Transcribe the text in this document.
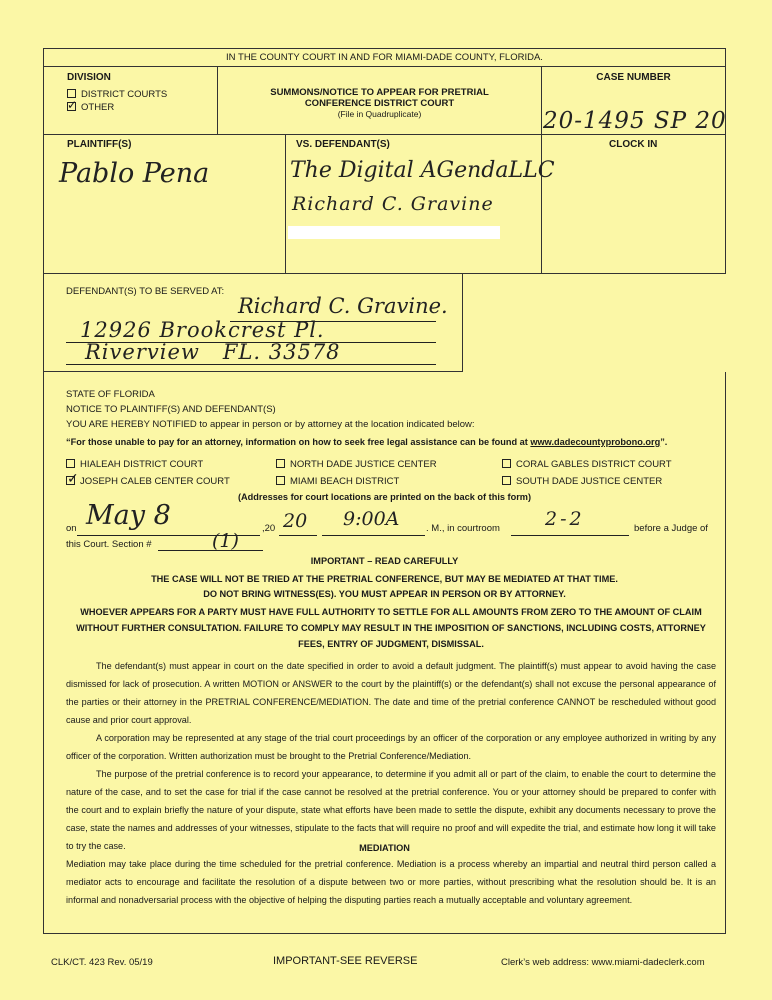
IN THE COUNTY COURT IN AND FOR MIAMI-DADE COUNTY, FLORIDA.
DIVISION
DISTRICT COURTS
✓ OTHER
SUMMONS/NOTICE TO APPEAR FOR PRETRIAL
CONFERENCE DISTRICT COURT
(File in Quadruplicate)
CASE NUMBER
20-1495 SP 20
PLAINTIFF(S)
Pablo Pena
VS. DEFENDANT(S)
The Digital AGendaLLC
Richard C. Gravine
CLOCK IN
DEFENDANT(S) TO BE SERVED AT:
Richard C. Gravine.
12926 Brookcrest Pl.
Riverview   FL. 33578
STATE OF FLORIDA
NOTICE TO PLAINTIFF(S) AND DEFENDANT(S)
YOU ARE HEREBY NOTIFIED to appear in person or by attorney at the location indicated below:
“For those unable to pay for an attorney, information on how to seek free legal assistance can be found at www.dadecountyprobono.org”.
HIALEAH DISTRICT COURT	NORTH DADE JUSTICE CENTER	CORAL GABLES DISTRICT COURT
✓ JOSEPH CALEB CENTER COURT	MIAMI BEACH DISTRICT	SOUTH DADE JUSTICE CENTER
(Addresses for court locations are printed on the back of this form)
on May 8	,20 20 9:00A	. M., in courtroom 2-2	before a Judge of
this Court. Section #	(1)
IMPORTANT – READ CAREFULLY
THE CASE WILL NOT BE TRIED AT THE PRETRIAL CONFERENCE, BUT MAY BE MEDIATED AT THAT TIME.
DO NOT BRING WITNESS(ES). YOU MUST APPEAR IN PERSON OR BY ATTORNEY.
WHOEVER APPEARS FOR A PARTY MUST HAVE FULL AUTHORITY TO SETTLE FOR ALL AMOUNTS FROM ZERO TO THE AMOUNT OF CLAIM WITHOUT FURTHER CONSULTATION. FAILURE TO COMPLY MAY RESULT IN THE IMPOSITION OF SANCTIONS, INCLUDING COSTS, ATTORNEY FEES, ENTRY OF JUDGMENT, DISMISSAL.
The defendant(s) must appear in court on the date specified in order to avoid a default judgment. The plaintiff(s) must appear to avoid having the case dismissed for lack of prosecution. A written MOTION or ANSWER to the court by the plaintiff(s) or the defendant(s) shall not excuse the personal appearance of the parties or their attorney in the PRETRIAL CONFERENCE/MEDIATION. The date and time of the pretrial conference CANNOT be rescheduled without good cause and prior court approval.
A corporation may be represented at any stage of the trial court proceedings by an officer of the corporation or any employee authorized in writing by any officer of the corporation. Written authorization must be brought to the Pretrial Conference/Mediation.
The purpose of the pretrial conference is to record your appearance, to determine if you admit all or part of the claim, to enable the court to determine the nature of the case, and to set the case for trial if the case cannot be resolved at the pretrial conference. You or your attorney should be prepared to confer with the court and to explain briefly the nature of your dispute, state what efforts have been made to settle the dispute, exhibit any documents necessary to prove the case, state the names and addresses of your witnesses, stipulate to the facts that will require no proof and will expedite the trial, and estimate how long it will take to try the case.	MEDIATION
Mediation may take place during the time scheduled for the pretrial conference. Mediation is a process whereby an impartial and neutral third person called a mediator acts to encourage and facilitate the resolution of a dispute between two or more parties, without prescribing what the resolution should be. It is an informal and nonadversarial process with the objective of helping the disputing parties reach a mutually acceptable and voluntary agreement.
CLK/CT. 423 Rev. 05/19	IMPORTANT-SEE REVERSE	Clerk’s web address: www.miami-dadeclerk.com
